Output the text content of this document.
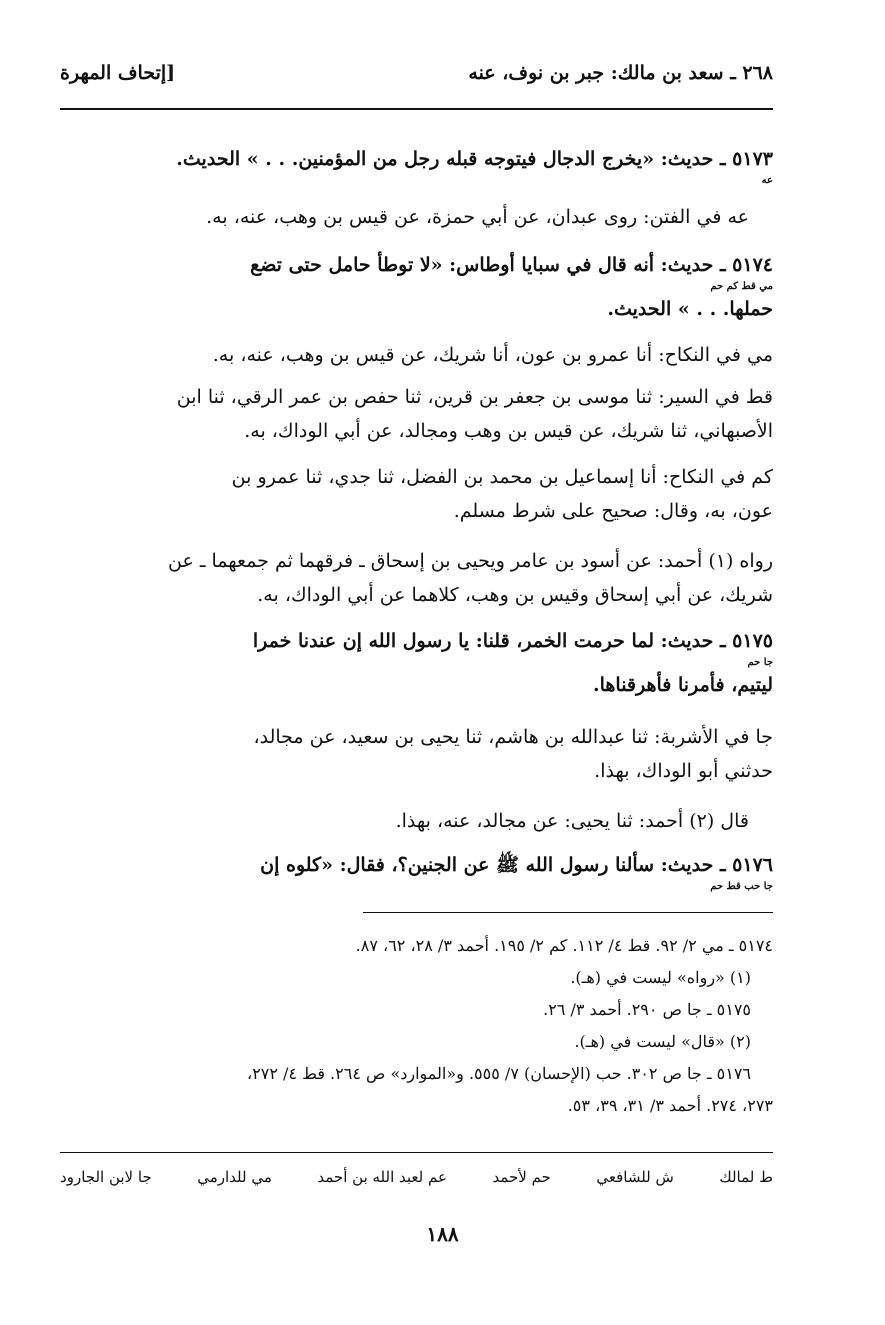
٢٦٨ ـ سعد بن مالك: جبر بن نوف، عنه
[إتحاف المهرة
٥١٧٣ ـ حديث: «يخرج الدجال فيتوجه قبله رجل من المؤمنين. . . » الحديث.
عه
عه في الفتن: روى عبدان، عن أبي حمزة، عن قيس بن وهب، عنه، به.
٥١٧٤ ـ حديث: أنه قال في سبايا أوطاس: «لا توطأ حامل حتى تضع
مي قط كم حم
حملها. . . » الحديث.
مي في النكاح: أنا عمرو بن عون، أنا شريك، عن قيس بن وهب، عنه، به.
قط في السير: ثنا موسى بن جعفر بن قرين، ثنا حفص بن عمر الرقي، ثنا ابن
الأصبهاني، ثنا شريك، عن قيس بن وهب ومجالد، عن أبي الوداك، به.
كم في النكاح: أنا إسماعيل بن محمد بن الفضل، ثنا جدي، ثنا عمرو بن
عون، به، وقال: صحيح على شرط مسلم.
رواه (١) أحمد: عن أسود بن عامر ويحيى بن إسحاق ـ فرقهما ثم جمعهما ـ عن
شريك، عن أبي إسحاق وقيس بن وهب، كلاهما عن أبي الوداك، به.
٥١٧٥ ـ حديث: لما حرمت الخمر، قلنا: يا رسول الله إن عندنا خمرا
جا حم
ليتيم، فأمرنا فأهرقناها.
جا في الأشربة: ثنا عبدالله بن هاشم، ثنا يحيى بن سعيد، عن مجالد،
حدثني أبو الوداك، بهذا.
قال (٢) أحمد: ثنا يحيى: عن مجالد، عنه، بهذا.
٥١٧٦ ـ حديث: سألنا رسول الله ﷺ عن الجنين؟، فقال: «كلوه إن
جا حب قط حم
٥١٧٤ ـ مي ٢/ ٩٢. قط ٤/ ١١٢. كم ٢/ ١٩٥. أحمد ٣/ ٢٨، ٦٢، ٨٧.
(١) «رواه» ليست في (هـ).
٥١٧٥ ـ جا ص ٢٩٠. أحمد ٣/ ٢٦.
(٢) «قال» ليست في (هـ).
٥١٧٦ ـ جا ص ٣٠٢. حب (الإحسان) ٧/ ٥٥٥. و«الموارد» ص ٢٦٤. قط ٤/ ٢٧٢،
٢٧٣، ٢٧٤. أحمد ٣/ ٣١، ٣٩، ٥٣.
ط لمالك
ش للشافعي
حم لأحمد
عم لعبد الله بن أحمد
مي للدارمي
جا لابن الجارود
١٨٨
